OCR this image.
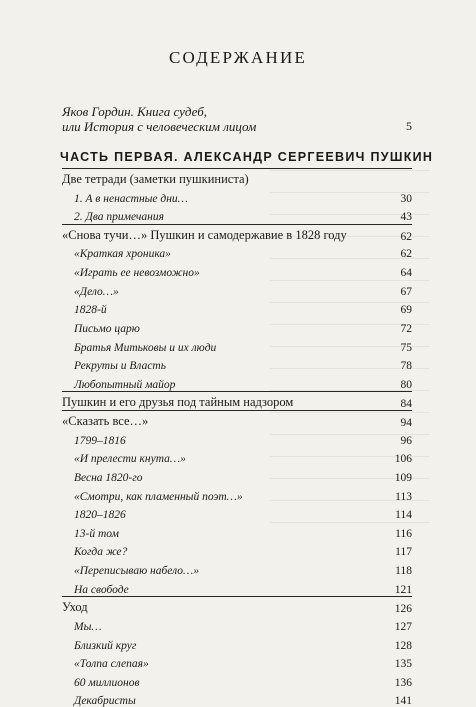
СОДЕРЖАНИЕ
Яков Гордин. Книга судеб,
или История с человеческим лицом	5
ЧАСТЬ ПЕРВАЯ. АЛЕКСАНДР СЕРГЕЕВИЧ ПУШКИН
Две тетради (заметки пушкиниста)
1. А в ненастные дни…	30
2. Два примечания	43
«Снова тучи…» Пушкин и самодержавие в 1828 году	62
«Краткая хроника»	62
«Играть ее невозможно»	64
«Дело…»	67
1828-й	69
Письмо царю	72
Братья Митьковы и их люди	75
Рекруты и Власть	78
Любопытный майор	80
Пушкин и его друзья под тайным надзором	84
«Сказать все…»	94
1799–1816	96
«И прелести кнута…»	106
Весна 1820-го	109
«Смотри, как пламенный поэт…»	113
1820–1826	114
13-й том	116
Когда же?	117
«Переписываю набело…»	118
На свободе	121
Уход	126
Мы…	127
Близкий круг	128
«Толпа слепая»	135
60 миллионов	136
Декабристы	141
